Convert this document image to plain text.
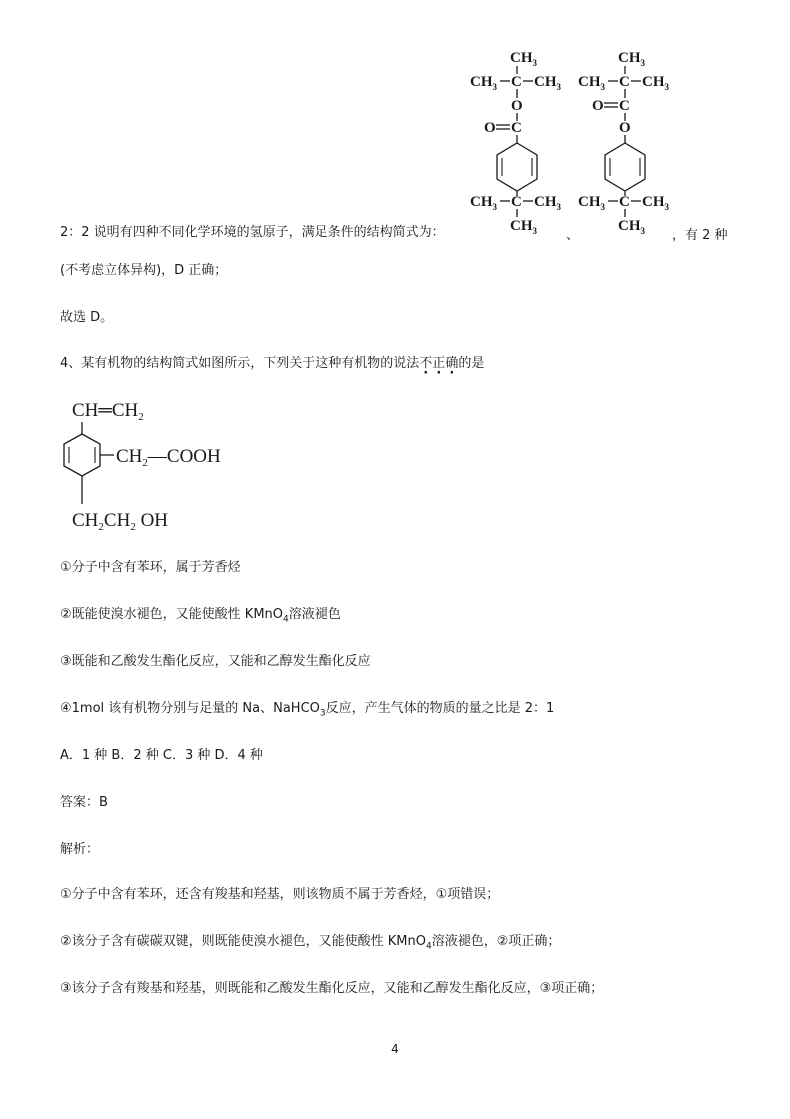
$CH_3$
$CH_3$ C $CH_3$
O
O C
$CH_3$ C $CH_3$
$CH_3$
$CH_3$
$CH_3$ C $CH_3$
O C
O
$CH_3$ C $CH_3$
$CH_3$
2：2 说明有四种不同化学环境的氢原子，满足条件的结构简式为：	、	，有 2 种
(不考虑立体异构)，D 正确；
故选 D。
4、某有机物的结构简式如图所示，下列关于这种有机物的说法不正确的是
$CH═CH_2$
$CH_2—COOH$
$CH_2CH_2$ OH
①分子中含有苯环，属于芳香烃
②既能使溴水褪色，又能使酸性 KMnO$_4$溶液褪色
③既能和乙酸发生酯化反应，又能和乙醇发生酯化反应
④1mol 该有机物分别与足量的 Na、NaHCO$_3$反应，产生气体的物质的量之比是 2：1
A．1 种 B．2 种 C．3 种 D．4 种
答案：B
解析：
①分子中含有苯环，还含有羧基和羟基，则该物质不属于芳香烃，①项错误；
②该分子含有碳碳双键，则既能使溴水褪色，又能使酸性 KMnO$_4$溶液褪色，②项正确；
③该分子含有羧基和羟基，则既能和乙酸发生酯化反应，又能和乙醇发生酯化反应，③项正确；
4
